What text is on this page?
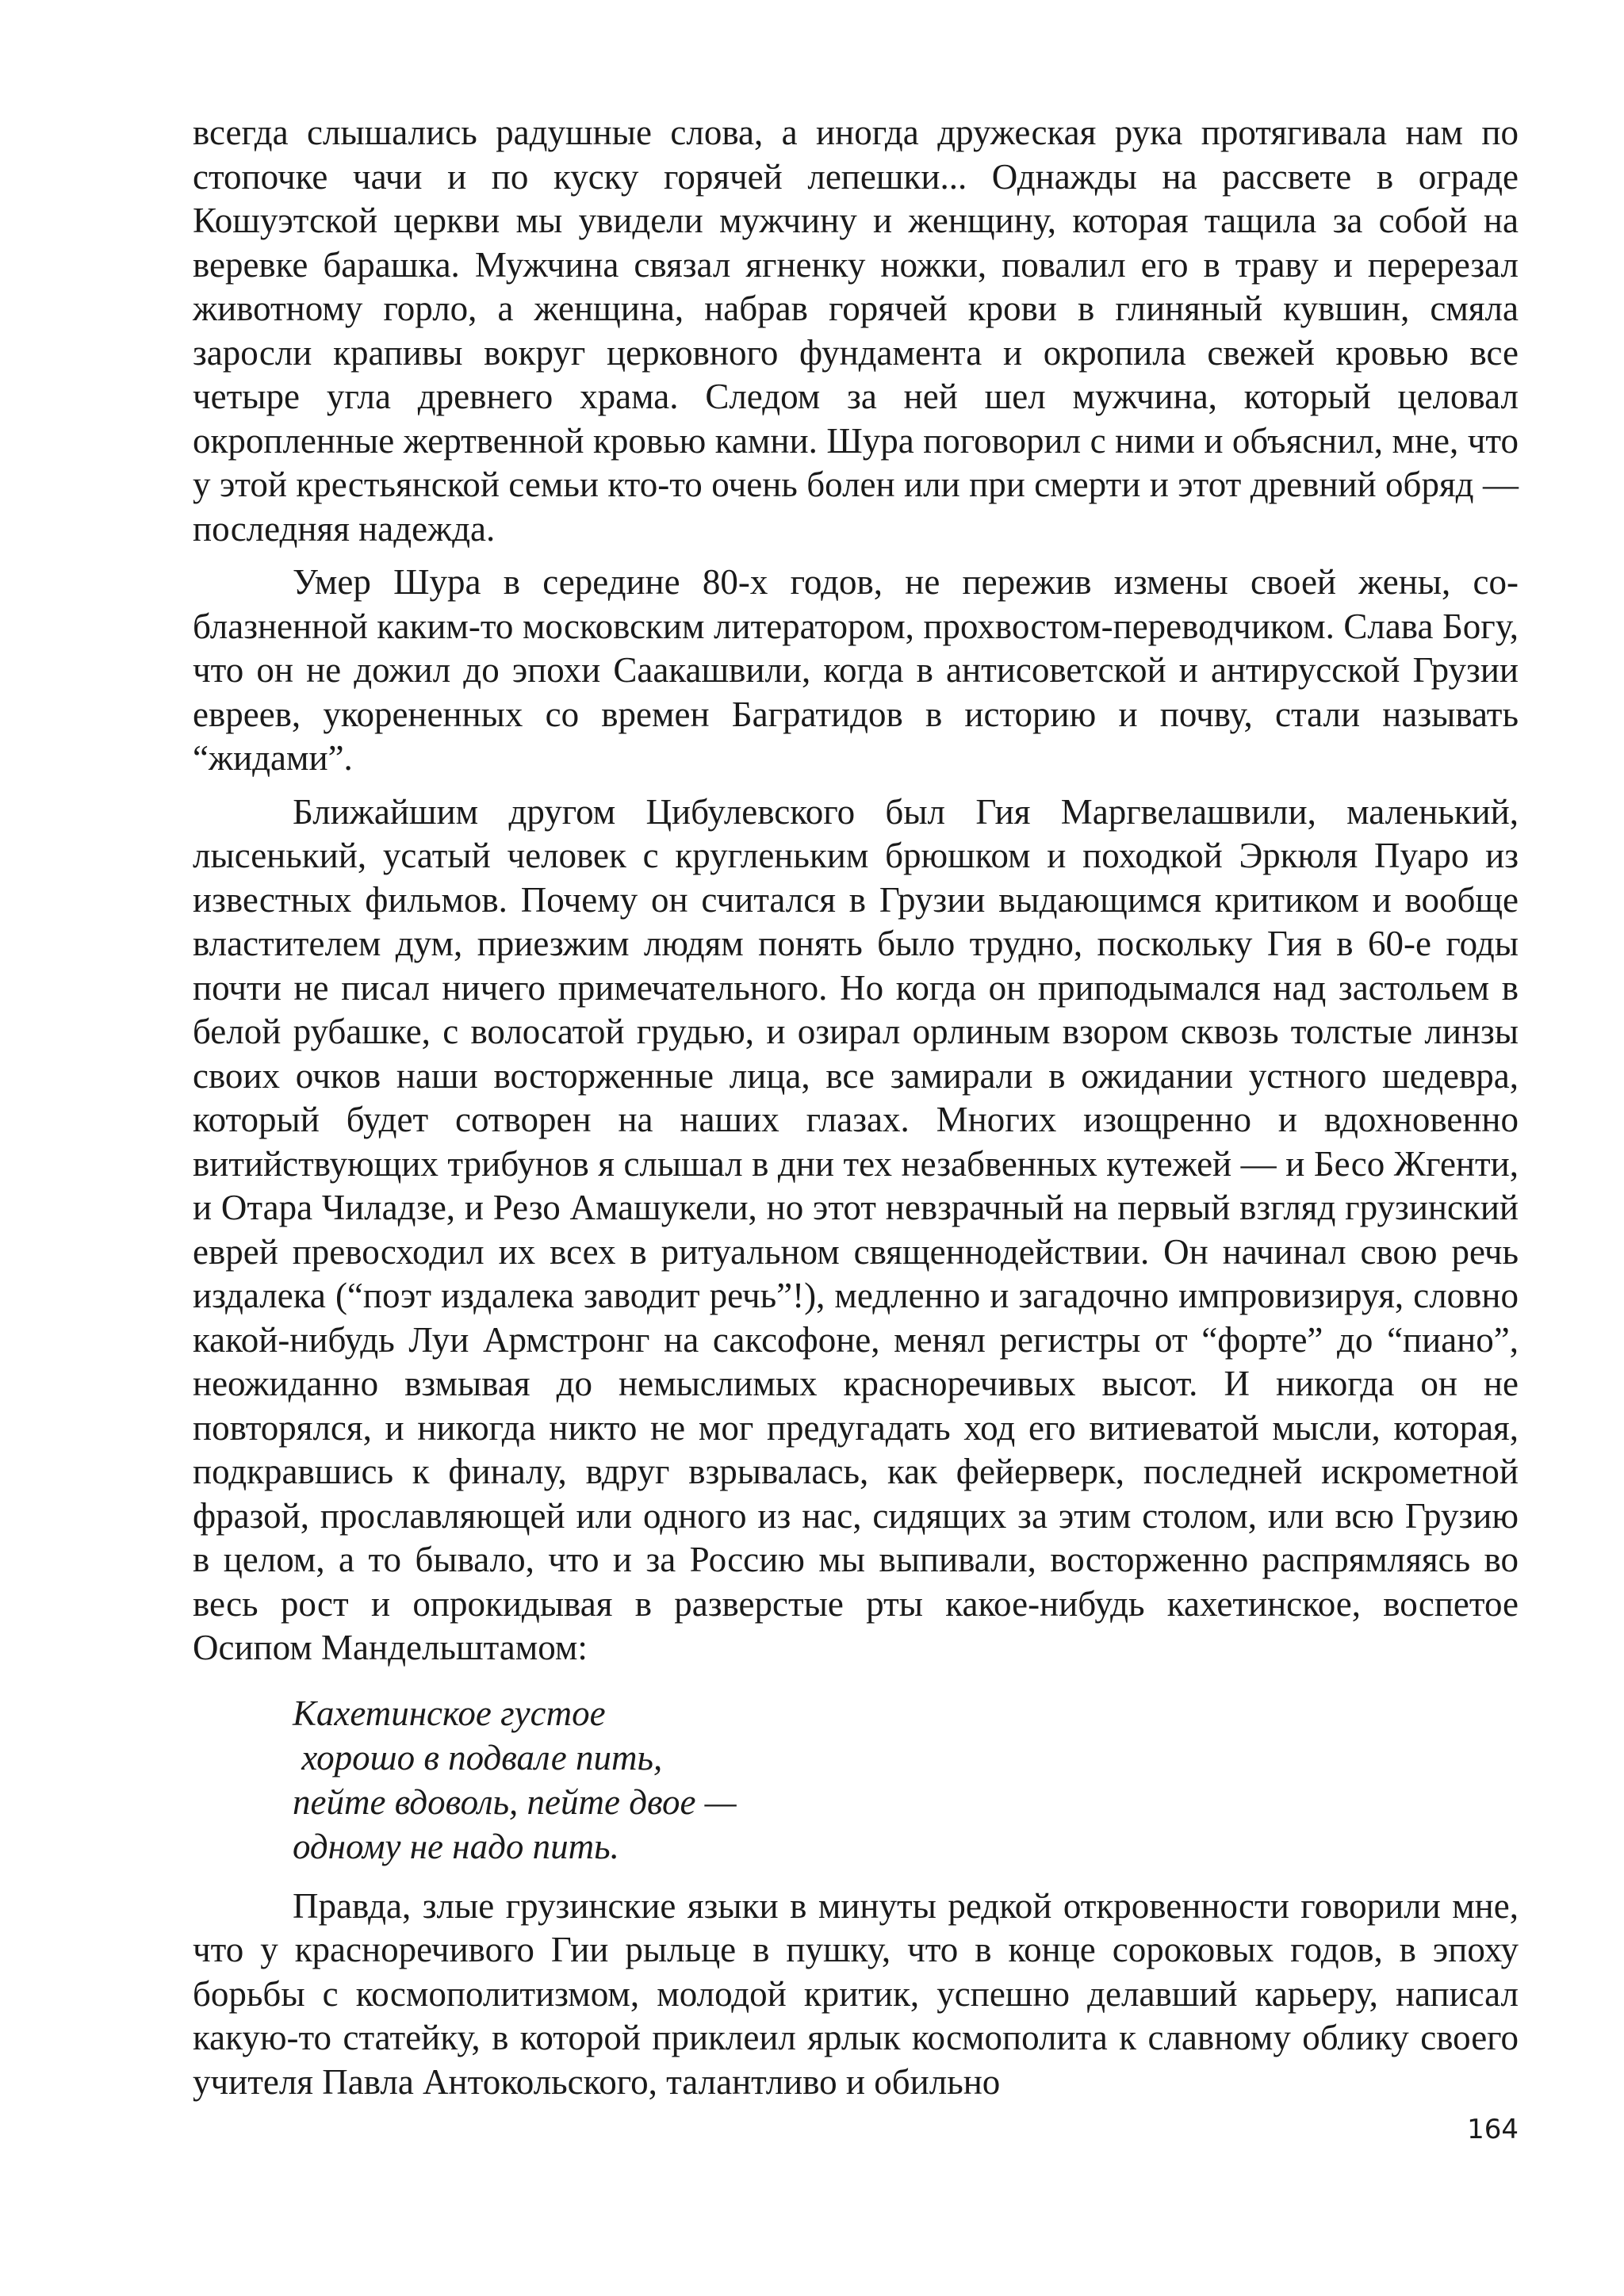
всегда слышались радушные слова, а иногда дружеская рука протягивала нам по стопочке чачи и по куску горячей лепешки... Однажды на рассвете в ограде Кошуэтской церкви мы увидели мужчину и женщину, которая тащила за собой на веревке барашка. Мужчина связал ягненку ножки, повалил его в траву и перерезал животному горло, а женщина, набрав горячей крови в глиняный кувшин, смяла заросли крапивы вокруг церковного фундамента и окропила свежей кровью все четыре угла древнего храма. Следом за ней шел мужчина, который целовал окропленные жертвенной кровью камни. Шура поговорил с ними и объяснил, мне, что у этой крестьянской семьи кто-то очень болен или при смерти и этот древний обряд — последняя надежда.

Умер Шура в середине 80-х годов, не пережив измены своей жены, соблазненной каким-то московским литератором, прохвостом-переводчиком. Слава Богу, что он не дожил до эпохи Саакашвили, когда в антисоветской и антирусской Грузии евреев, укорененных со времен Багратидов в историю и почву, стали называть “жидами”.

Ближайшим другом Цибулевского был Гия Маргвелашвили, маленький, лысенький, усатый человек с кругленьким брюшком и походкой Эркюля Пуаро из известных фильмов. Почему он считался в Грузии выдающимся критиком и вообще властителем дум, приезжим людям понять было трудно, поскольку Гия в 60-е годы почти не писал ничего примечательного. Но когда он приподымался над застольем в белой рубашке, с волосатой грудью, и озирал орлиным взором сквозь толстые линзы своих очков наши восторженные лица, все замирали в ожидании устного шедевра, который будет сотворен на наших глазах. Многих изощренно и вдохновенно витийствующих трибунов я слышал в дни тех незабвенных кутежей — и Бесо Жгенти, и Отара Чиладзе, и Резо Амашукели, но этот невзрачный на первый взгляд грузинский еврей превосходил их всех в ритуальном священнодействии. Он начинал свою речь издалека (“поэт издалека заводит речь”!), медленно и загадочно импровизируя, словно какой-нибудь Луи Армстронг на саксофоне, менял регистры от “форте” до “пиано”, неожиданно взмывая до немыслимых красноречивых высот. И никогда он не повторялся, и никогда никто не мог предугадать ход его витиеватой мысли, которая, подкравшись к финалу, вдруг взрывалась, как фейерверк, последней искрометной фразой, прославляющей или одного из нас, сидящих за этим столом, или всю Грузию в целом, а то бывало, что и за Россию мы выпивали, восторженно распрямляясь во весь рост и опрокидывая в разверстые рты какое-нибудь кахетинское, воспетое Осипом Мандельштамом:

Кахетинское густое
хорошо в подвале пить,
пейте вдоволь, пейте двое —
одному не надо пить.

Правда, злые грузинские языки в минуты редкой откровенности говорили мне, что у красноречивого Гии рыльце в пушку, что в конце сороковых годов, в эпоху борьбы с космополитизмом, молодой критик, успешно делавший карьеру, написал какую-то статейку, в которой приклеил ярлык космополита к славному облику своего учителя Павла Антокольского, талантливо и обильно

164
